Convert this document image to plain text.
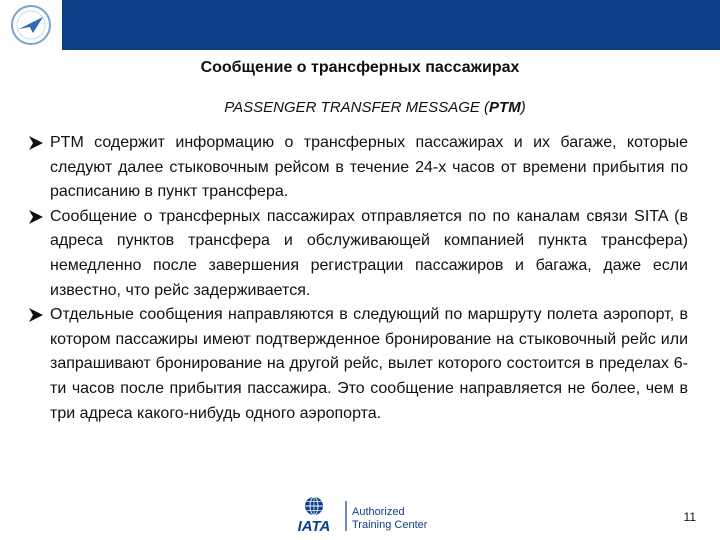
Сообщение о трансферных пассажирах
PASSENGER TRANSFER MESSAGE (PTM)
PTM содержит информацию о трансферных пассажирах и их багаже, которые следуют далее стыковочным рейсом в течение 24-х часов от времени прибытия по расписанию в пункт трансфера.
Сообщение о трансферных пассажирах отправляется по по каналам связи SITA (в адреса пунктов трансфера и обслуживающей компанией пункта трансфера) немедленно после завершения регистрации пассажиров и багажа, даже если известно, что рейс задерживается.
Отдельные сообщения направляются в следующий по маршруту полета аэропорт, в котором пассажиры имеют подтвержденное бронирование на стыковочный рейс или запрашивают бронирование на другой рейс, вылет которого состоится в пределах 6-ти часов после прибытия пассажира. Это сообщение направляется не более, чем в три адреса какого-нибудь одного аэропорта.
IATA
Authorized
Training Center
11
